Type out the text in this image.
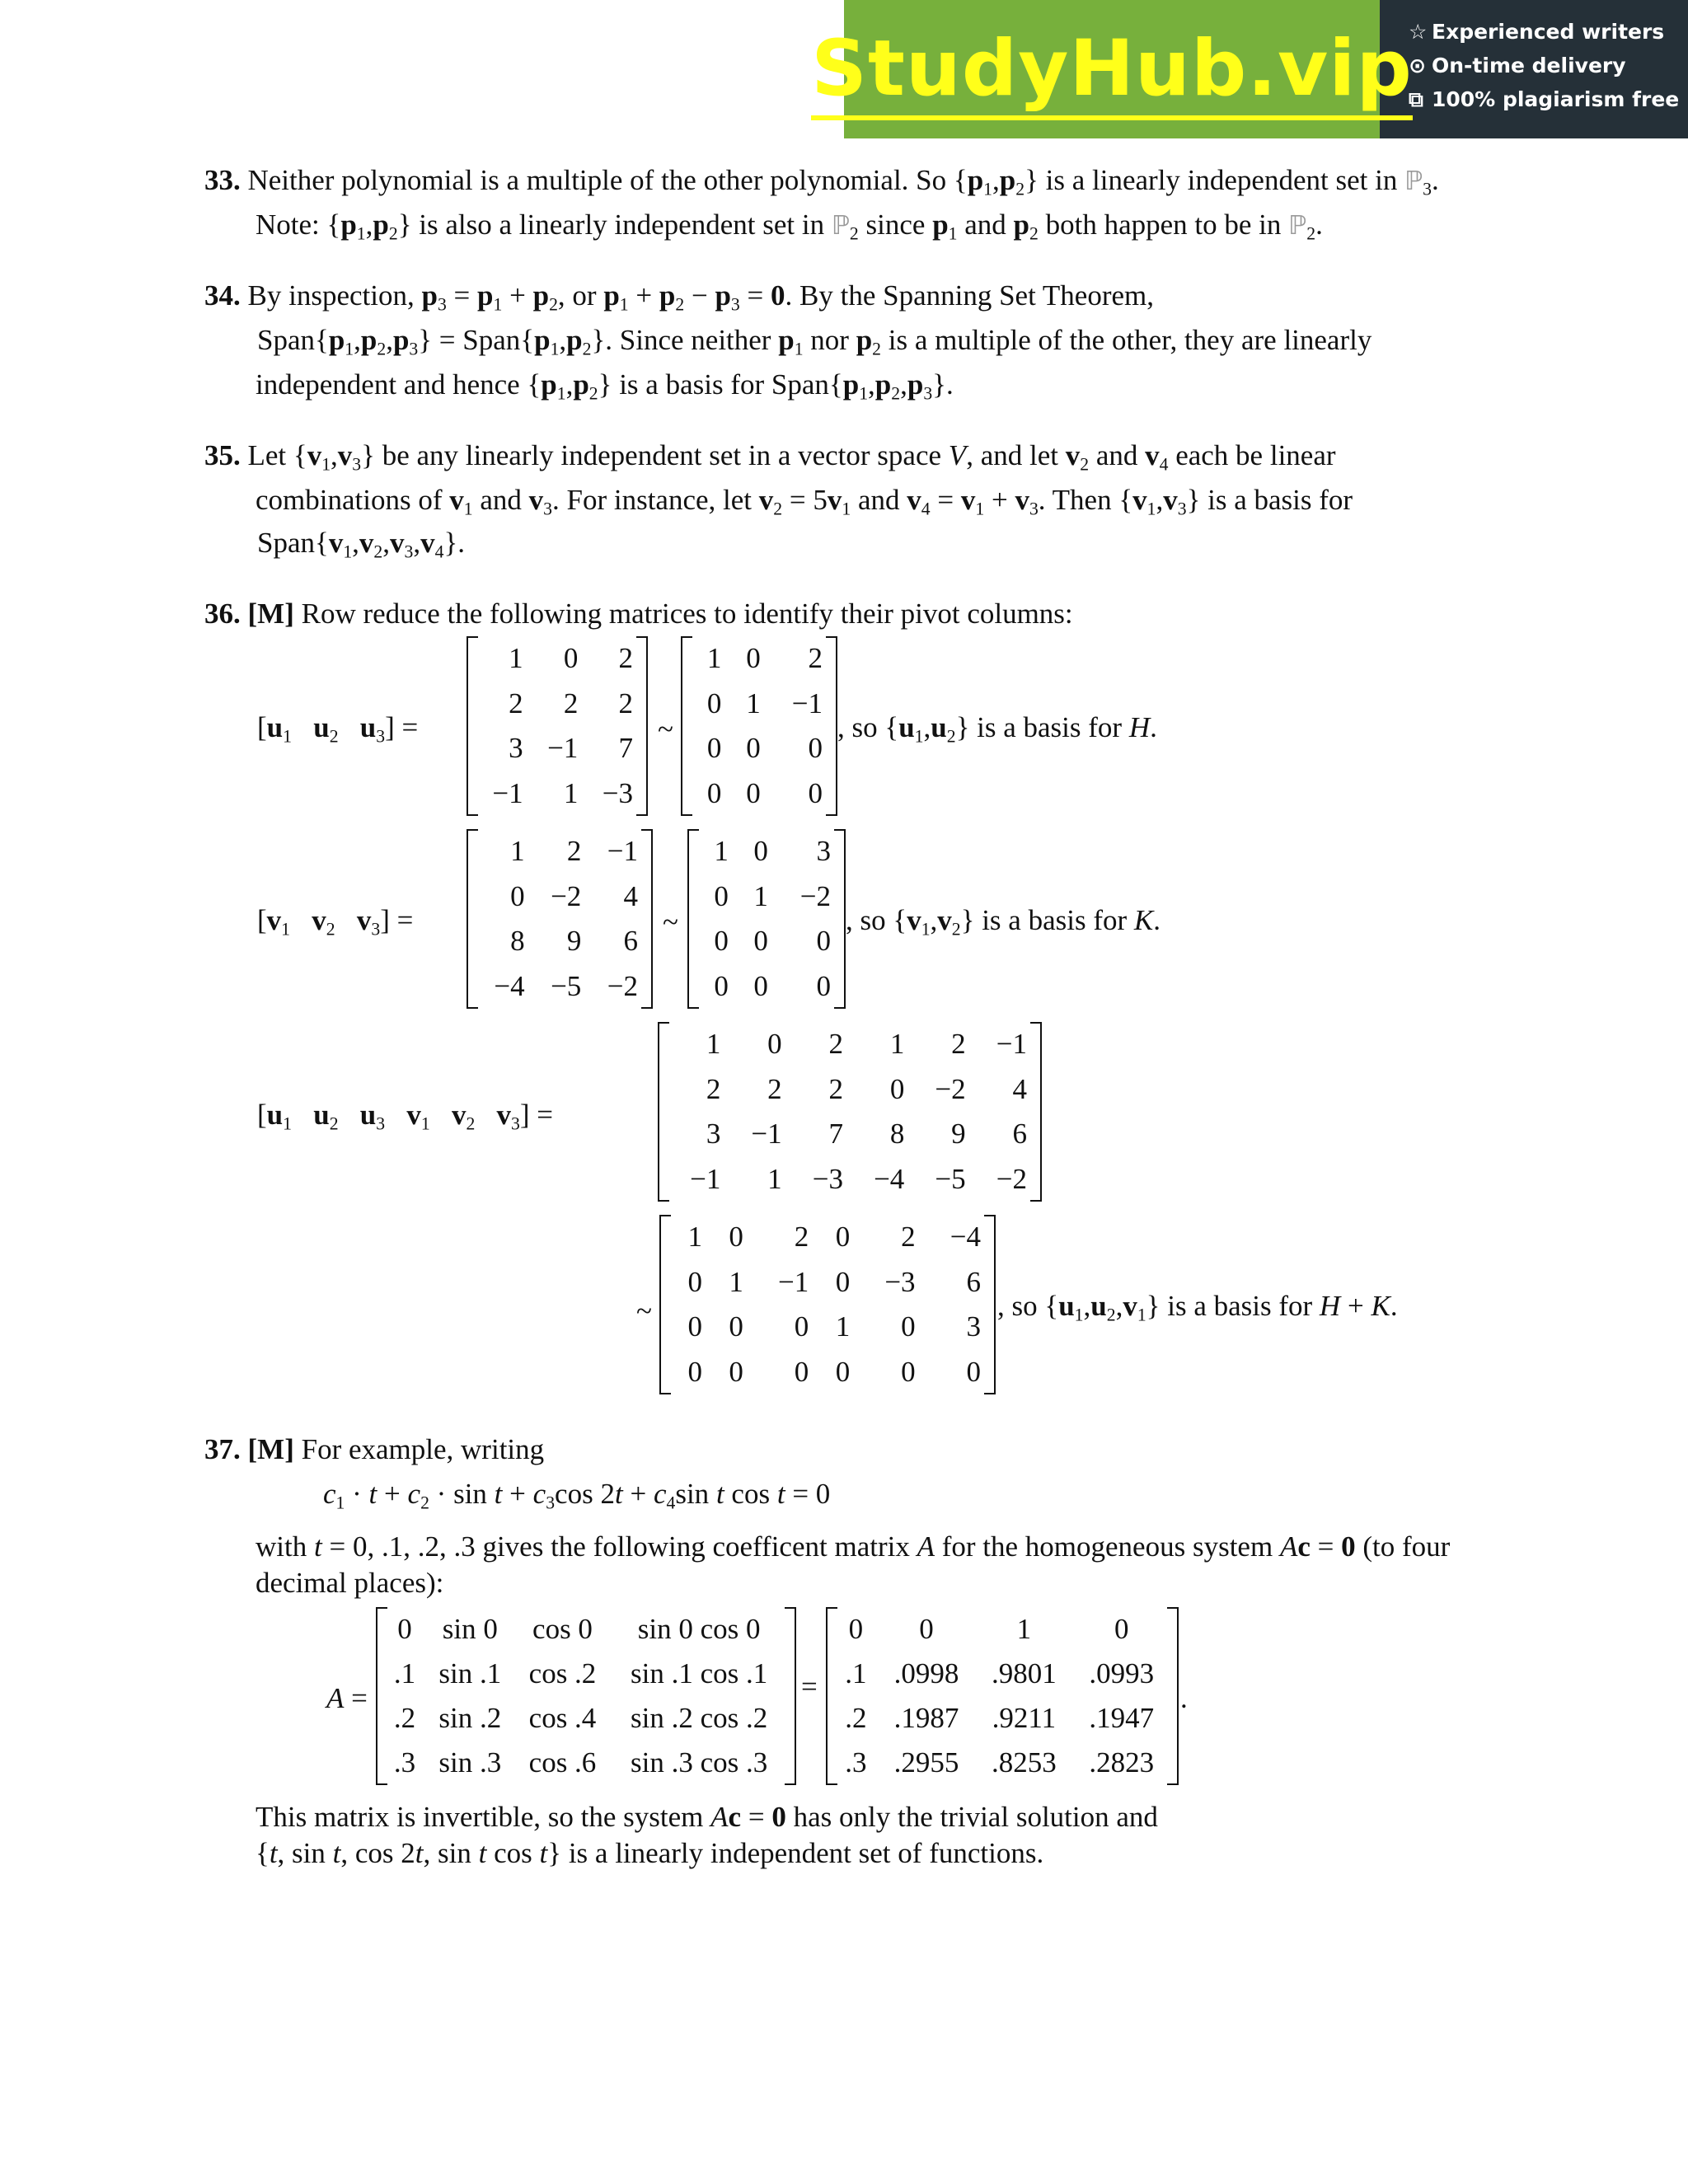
StudyHub.vip
☆ Experienced writers
⊙ On-time delivery
⧉ 100% plagiarism free
33. Neither polynomial is a multiple of the other polynomial. So $\{p_1,p_2\}$ is a linearly independent set in ℙ$_3$.
Note: $\{p_1,p_2\}$ is also a linearly independent set in ℙ$_2$ since $p_1$ and $p_2$ both happen to be in ℙ$_2$.
34. By inspection, $p_3 = p_1 + p_2$, or $p_1 + p_2 - p_3 = 0$. By the Spanning Set Theorem,
$Span\{p_1,p_2,p_3\}$ = $Span\{p_1,p_2\}$. Since neither $p_1$ nor $p_2$ is a multiple of the other, they are linearly
independent and hence $\{p_1,p_2\}$ is a basis for $Span\{p_1,p_2,p_3\}$.
35. Let $\{v_1,v_3\}$ be any linearly independent set in a vector space V, and let $v_2$ and $v_4$ each be linear
combinations of $v_1$ and $v_3$. For instance, let $v_2 = 5v_1$ and $v_4 = v_1 + v_3$. Then $\{v_1,v_3\}$ is a basis for
$Span\{v_1,v_2,v_3,v_4\}$.
36. [M] Row reduce the following matrices to identify their pivot columns:
[$u_1$ $u_2$ $u_3$] =
1	0	2
2	2	2
3	−1	7
−1	1	−3
~
1	0	2
0	1	−1
0	0	0
0	0	0
, so $\{u_1,u_2\}$ is a basis for H.
[$v_1$ $v_2$ $v_3$] =
1	2	−1
0	−2	4
8	9	6
−4	−5	−2
~
1	0	3
0	1	−2
0	0	0
0	0	0
, so $\{v_1,v_2\}$ is a basis for K.
[$u_1$ $u_2$ $u_3$ $v_1$ $v_2$ $v_3$] =
1	0	2	1	2	−1
2	2	2	0	−2	4
3	−1	7	8	9	6
−1	1	−3	−4	−5	−2
~
1	0	2	0	2	−4
0	1	−1	0	−3	6
0	0	0	1	0	3
0	0	0	0	0	0
, so $\{u_1,u_2,v_1\}$ is a basis for H + K.
37. [M] For example, writing
$c_1 \cdot t + c_2 \cdot \sin t + c_3\cos$ $2t + c_4\sin$ t cos t = 0
with t = 0, .1, .2, .3 gives the following coefficent matrix A for the homogeneous system Ac = 0 (to four
decimal places):
A =
0	sin 0	cos 0	sin 0 cos 0
.1	sin .1	cos .2	sin .1 cos .1
.2	sin .2	cos .4	sin .2 cos .2
.3	sin .3	cos .6	sin .3 cos .3
=
0	0	1	0
.1	.0998	.9801	.0993
.2	.1987	.9211	.1947
.3	.2955	.8253	.2823
.
This matrix is invertible, so the system Ac = 0 has only the trivial solution and
{t, sin t, cos 2t, sin t cos t} is a linearly independent set of functions.
